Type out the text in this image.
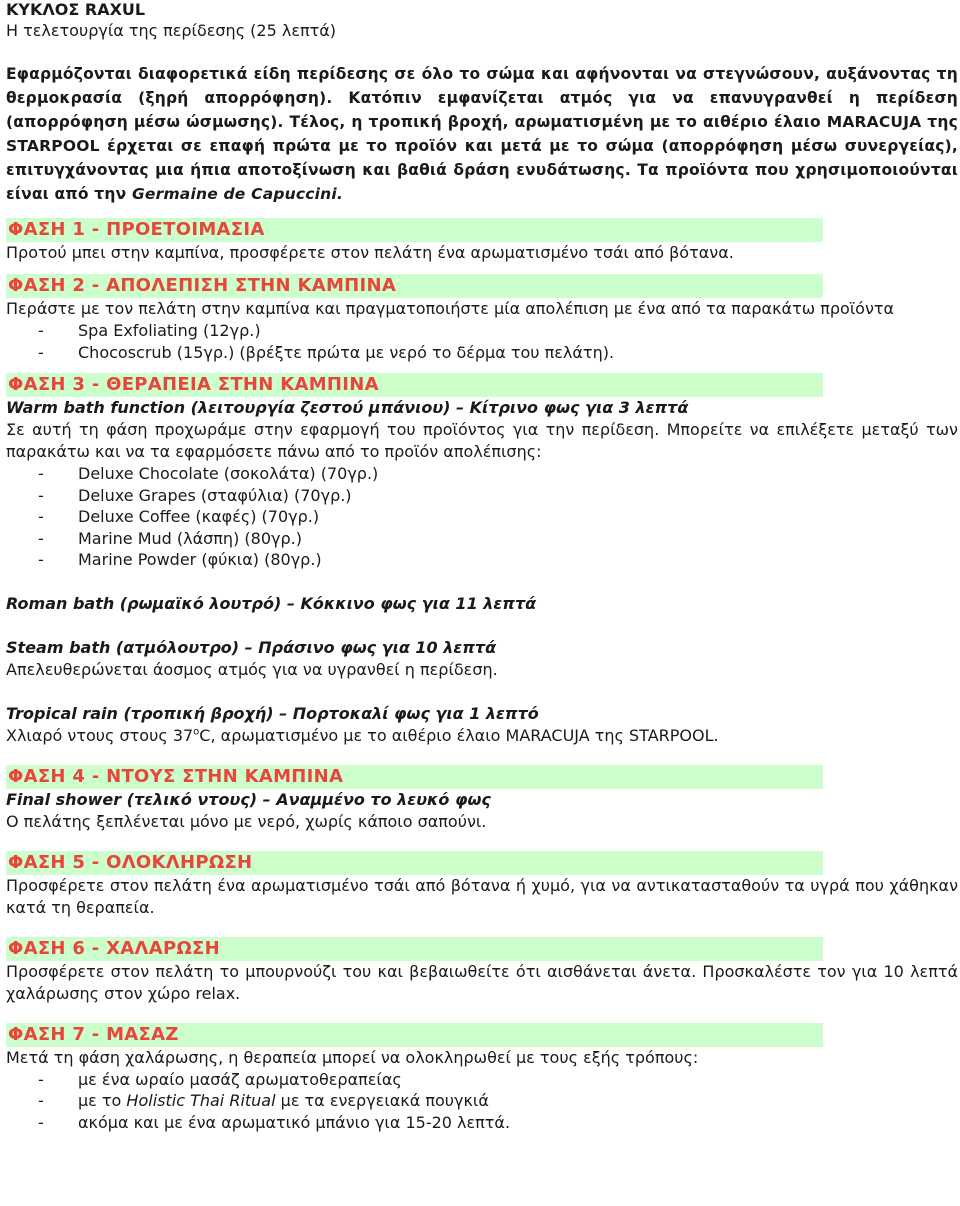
ΚΥΚΛΟΣ RAXUL

Η τελετουργία της περίδεσης (25 λεπτά)

Εφαρμόζονται διαφορετικά είδη περίδεσης σε όλο το σώμα και αφήνονται να στεγνώσουν, αυξάνοντας τη θερμοκρασία (ξηρή απορρόφηση). Κατόπιν εμφανίζεται ατμός για να επανυγρανθεί η περίδεση (απορρόφηση μέσω ώσμωσης). Τέλος, η τροπική βροχή, αρωματισμένη με το αιθέριο έλαιο MARACUJA της STARPOOL έρχεται σε επαφή πρώτα με το προϊόν και μετά με το σώμα (απορρόφηση μέσω συνεργείας), επιτυγχάνοντας μια ήπια αποτοξίνωση και βαθιά δράση ενυδάτωσης. Τα προϊόντα που χρησιμοποιούνται είναι από την Germaine de Capuccini.

ΦΑΣΗ 1 - ΠΡΟΕΤΟΙΜΑΣΙΑ

Προτού μπει στην καμπίνα, προσφέρετε στον πελάτη ένα αρωματισμένο τσάι από βότανα.

ΦΑΣΗ 2 - ΑΠΟΛΕΠΙΣΗ ΣΤΗΝ ΚΑΜΠΙΝΑ

Περάστε με τον πελάτη στην καμπίνα και πραγματοποιήστε μία απολέπιση με ένα από τα παρακάτω προϊόντα

- Spa Exfoliating (12γρ.)
- Chocoscrub (15γρ.) (βρέξτε πρώτα με νερό το δέρμα του πελάτη).
ΦΑΣΗ 3 - ΘΕΡΑΠΕΙΑ ΣΤΗΝ ΚΑΜΠΙΝΑ

Warm bath function (λειτουργία ζεστού μπάνιου) – Κίτρινο φως για 3 λεπτά

Σε αυτή τη φάση προχωράμε στην εφαρμογή του προϊόντος για την περίδεση. Μπορείτε να επιλέξετε μεταξύ των παρακάτω και να τα εφαρμόσετε πάνω από το προϊόν απολέπισης:

- Deluxe Chocolate (σοκολάτα) (70γρ.)
- Deluxe Grapes (σταφύλια) (70γρ.)
- Deluxe Coffee (καφές) (70γρ.)
- Marine Mud (λάσπη) (80γρ.)
- Marine Powder (φύκια) (80γρ.)

Roman bath (ρωμαϊκό λουτρό) – Κόκκινο φως για 11 λεπτά

Steam bath (ατμόλουτρο) – Πράσινο φως για 10 λεπτά

Απελευθερώνεται άοσμος ατμός για να υγρανθεί η περίδεση.

Tropical rain (τροπική βροχή) – Πορτοκαλί φως για 1 λεπτό

Χλιαρό ντους στους 37$^o$C, αρωματισμένο με το αιθέριο έλαιο MARACUJA της STARPOOL.

ΦΑΣΗ 4 - ΝΤΟΥΣ ΣΤΗΝ ΚΑΜΠΙΝΑ

Final shower (τελικό ντους) – Αναμμένο το λευκό φως

Ο πελάτης ξεπλένεται μόνο με νερό, χωρίς κάποιο σαπούνι.

ΦΑΣΗ 5 - ΟΛΟΚΛΗΡΩΣΗ

Προσφέρετε στον πελάτη ένα αρωματισμένο τσάι από βότανα ή χυμό, για να αντικατασταθούν τα υγρά που χάθηκαν κατά τη θεραπεία.

ΦΑΣΗ 6 - ΧΑΛΑΡΩΣΗ

Προσφέρετε στον πελάτη το μπουρνούζι του και βεβαιωθείτε ότι αισθάνεται άνετα. Προσκαλέστε τον για 10 λεπτά χαλάρωσης στον χώρο relax.

ΦΑΣΗ 7 - ΜΑΣΑΖ

Μετά τη φάση χαλάρωσης, η θεραπεία μπορεί να ολοκληρωθεί με τους εξής τρόπους:

- με ένα ωραίο μασάζ αρωματοθεραπείας
- με το Holistic Thai Ritual με τα ενεργειακά πουγκιά
- ακόμα και με ένα αρωματικό μπάνιο για 15-20 λεπτά.
